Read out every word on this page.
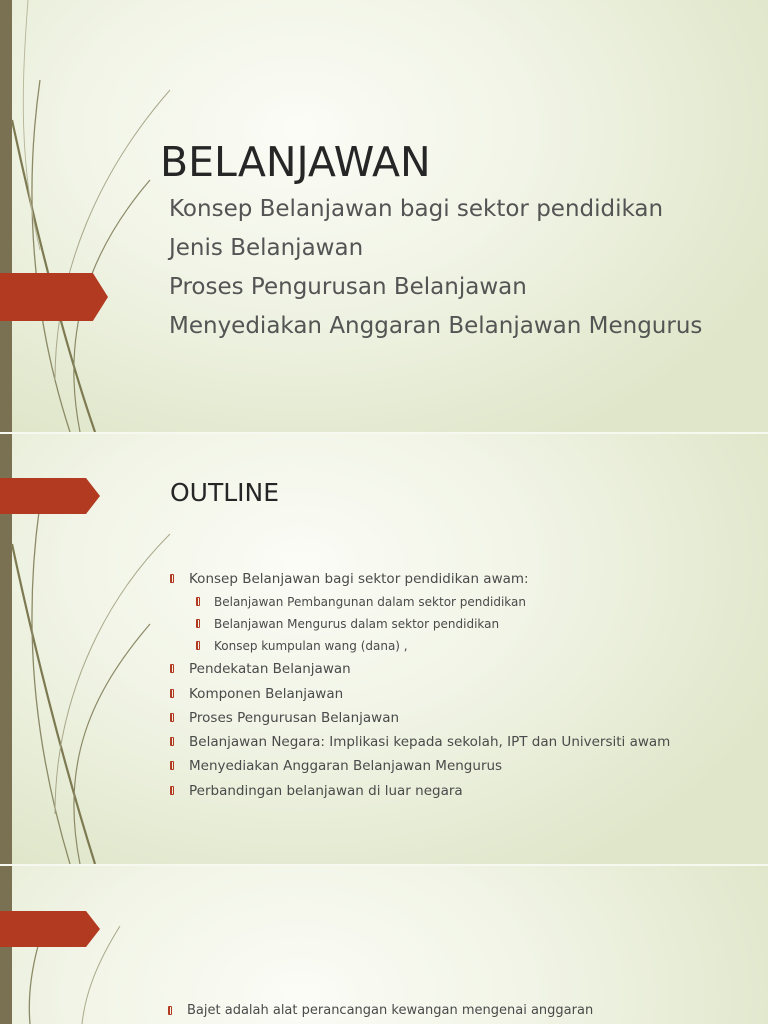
BELANJAWAN
Konsep Belanjawan bagi sektor pendidikan
Jenis Belanjawan
Proses Pengurusan Belanjawan
Menyediakan Anggaran Belanjawan Mengurus
OUTLINE
Konsep Belanjawan bagi sektor pendidikan awam:
Belanjawan Pembangunan dalam sektor pendidikan
Belanjawan Mengurus dalam sektor pendidikan
Konsep kumpulan wang (dana) ,
Pendekatan Belanjawan
Komponen Belanjawan
Proses Pengurusan Belanjawan
Belanjawan Negara: Implikasi kepada sekolah, IPT dan Universiti awam
Menyediakan Anggaran Belanjawan Mengurus
Perbandingan belanjawan di luar negara
Bajet adalah alat perancangan kewangan mengenai anggaran
